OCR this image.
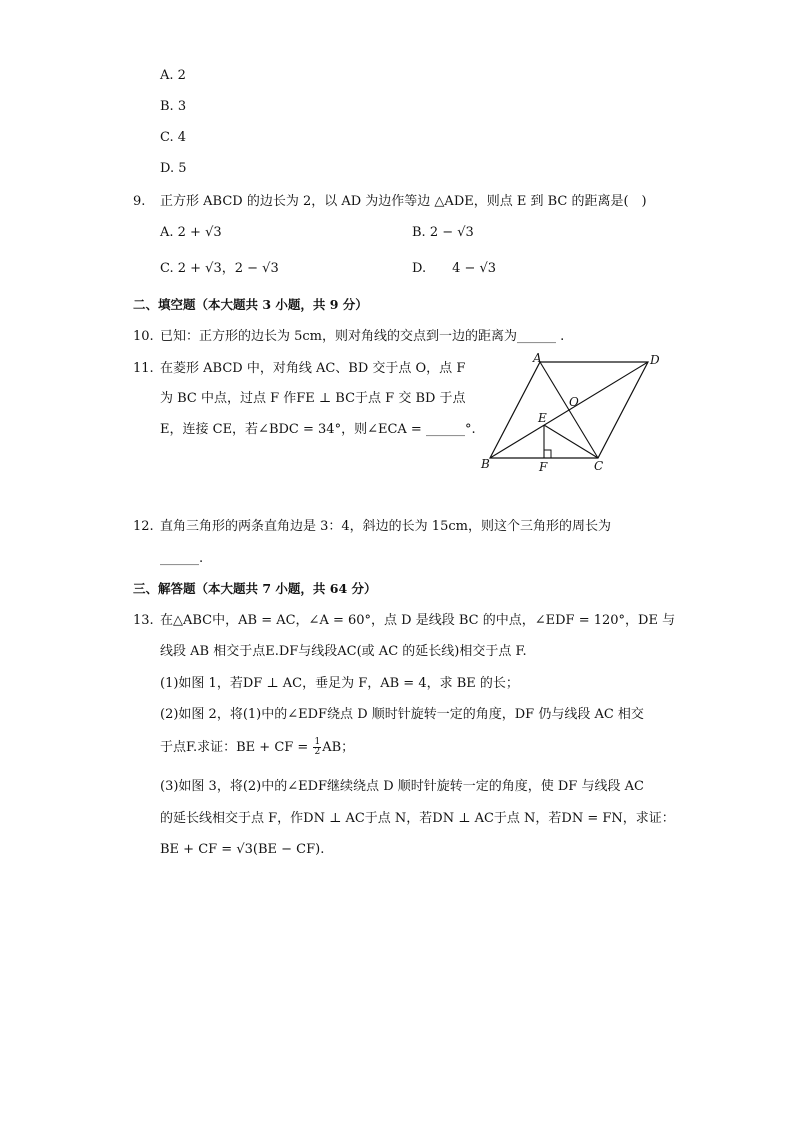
A. 2
B. 3
C. 4
D. 5
9. 正方形 ABCD 的边长为 2，以 AD 为边作等边 △ADE，则点 E 到 BC 的距离是(　)
A. 2 + √3	B. 2 − √3
C. 2 + √3，2 − √3	D.　　4 − √3
二、填空题（本大题共 3 小题，共 9 分）
10. 已知：正方形的边长为 5cm，则对角线的交点到一边的距离为______ .
11. 在菱形 ABCD 中，对角线 AC、BD 交于点 O，点 F
为 BC 中点，过点 F 作FE ⊥ BC于点 F 交 BD 于点
E，连接 CE，若∠BDC = 34°，则∠ECA = ______°.
A	D
B	C
E
F
O
12. 直角三角形的两条直角边是 3：4，斜边的长为 15cm，则这个三角形的周长为
______.
三、解答题（本大题共 7 小题，共 64 分）
13. 在△ABC中，AB = AC，∠A = 60°，点 D 是线段 BC 的中点，∠EDF = 120°，DE 与
线段 AB 相交于点E.DF与线段AC(或 AC 的延长线)相交于点 F.
(1)如图 1，若DF ⊥ AC，垂足为 F，AB = 4，求 BE 的长；
(2)如图 2，将(1)中的∠EDF绕点 D 顺时针旋转一定的角度，DF 仍与线段 AC 相交
于点F.求证：BE + CF = $\frac{1}{2}$ AB；
(3)如图 3，将(2)中的∠EDF继续绕点 D 顺时针旋转一定的角度，使 DF 与线段 AC
的延长线相交于点 F，作DN ⊥ AC于点 N，若DN ⊥ AC于点 N，若DN = FN，求证：
BE + CF = √3(BE − CF).
